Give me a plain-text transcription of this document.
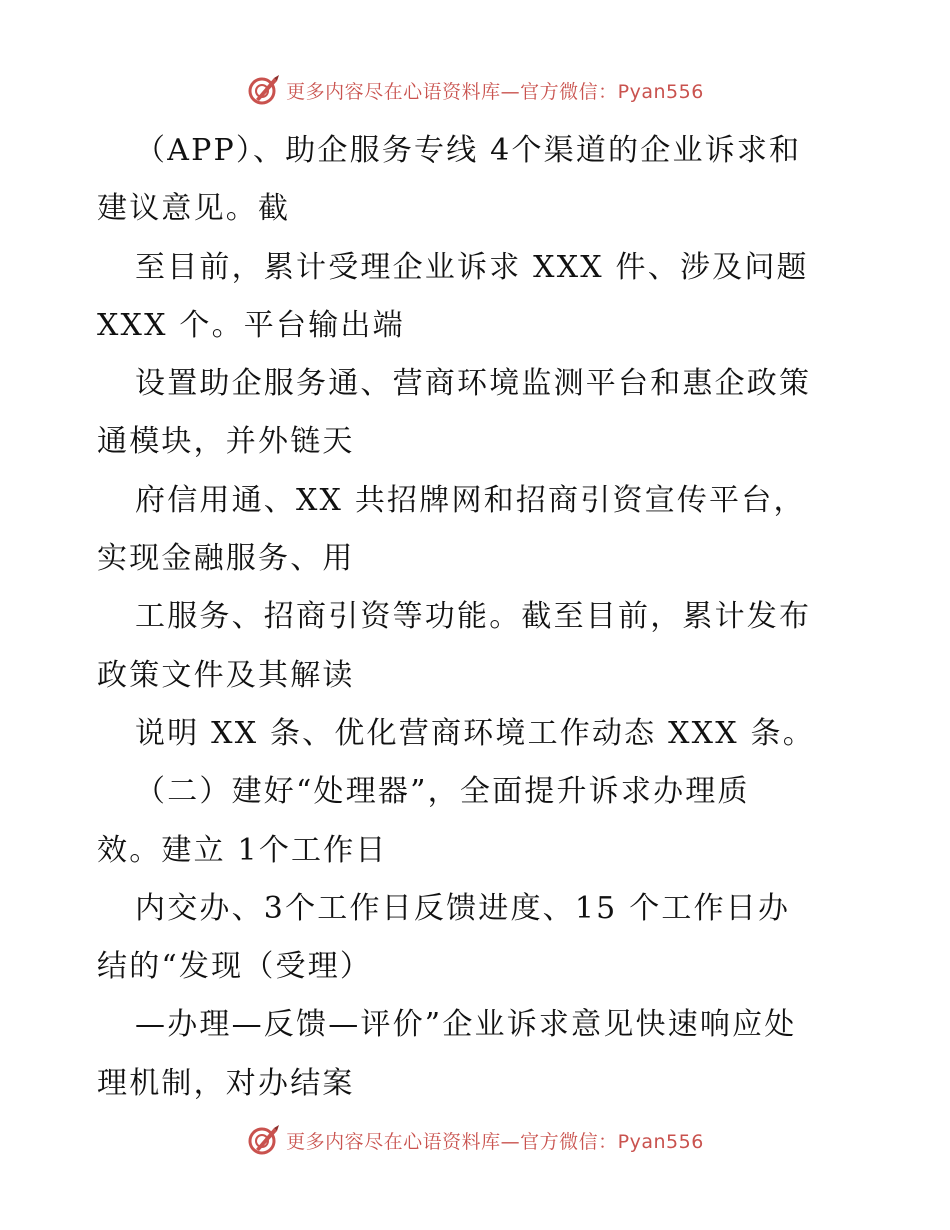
更多内容尽在心语资料库—官方微信：Pyan556
（APP）、助企服务专线 4个渠道的企业诉求和
建议意见。截
至目前，累计受理企业诉求 XXX 件、涉及问题
XXX 个。平台输出端
设置助企服务通、营商环境监测平台和惠企政策
通模块，并外链天
府信用通、XX 共招牌网和招商引资宣传平台，
实现金融服务、用
工服务、招商引资等功能。截至目前，累计发布
政策文件及其解读
说明 XX 条、优化营商环境工作动态 XXX 条。
（二）建好“处理器”，全面提升诉求办理质
效。建立 1个工作日
内交办、3个工作日反馈进度、15 个工作日办
结的“发现（受理）
—办理—反馈—评价”企业诉求意见快速响应处
理机制，对办结案
更多内容尽在心语资料库—官方微信：Pyan556
